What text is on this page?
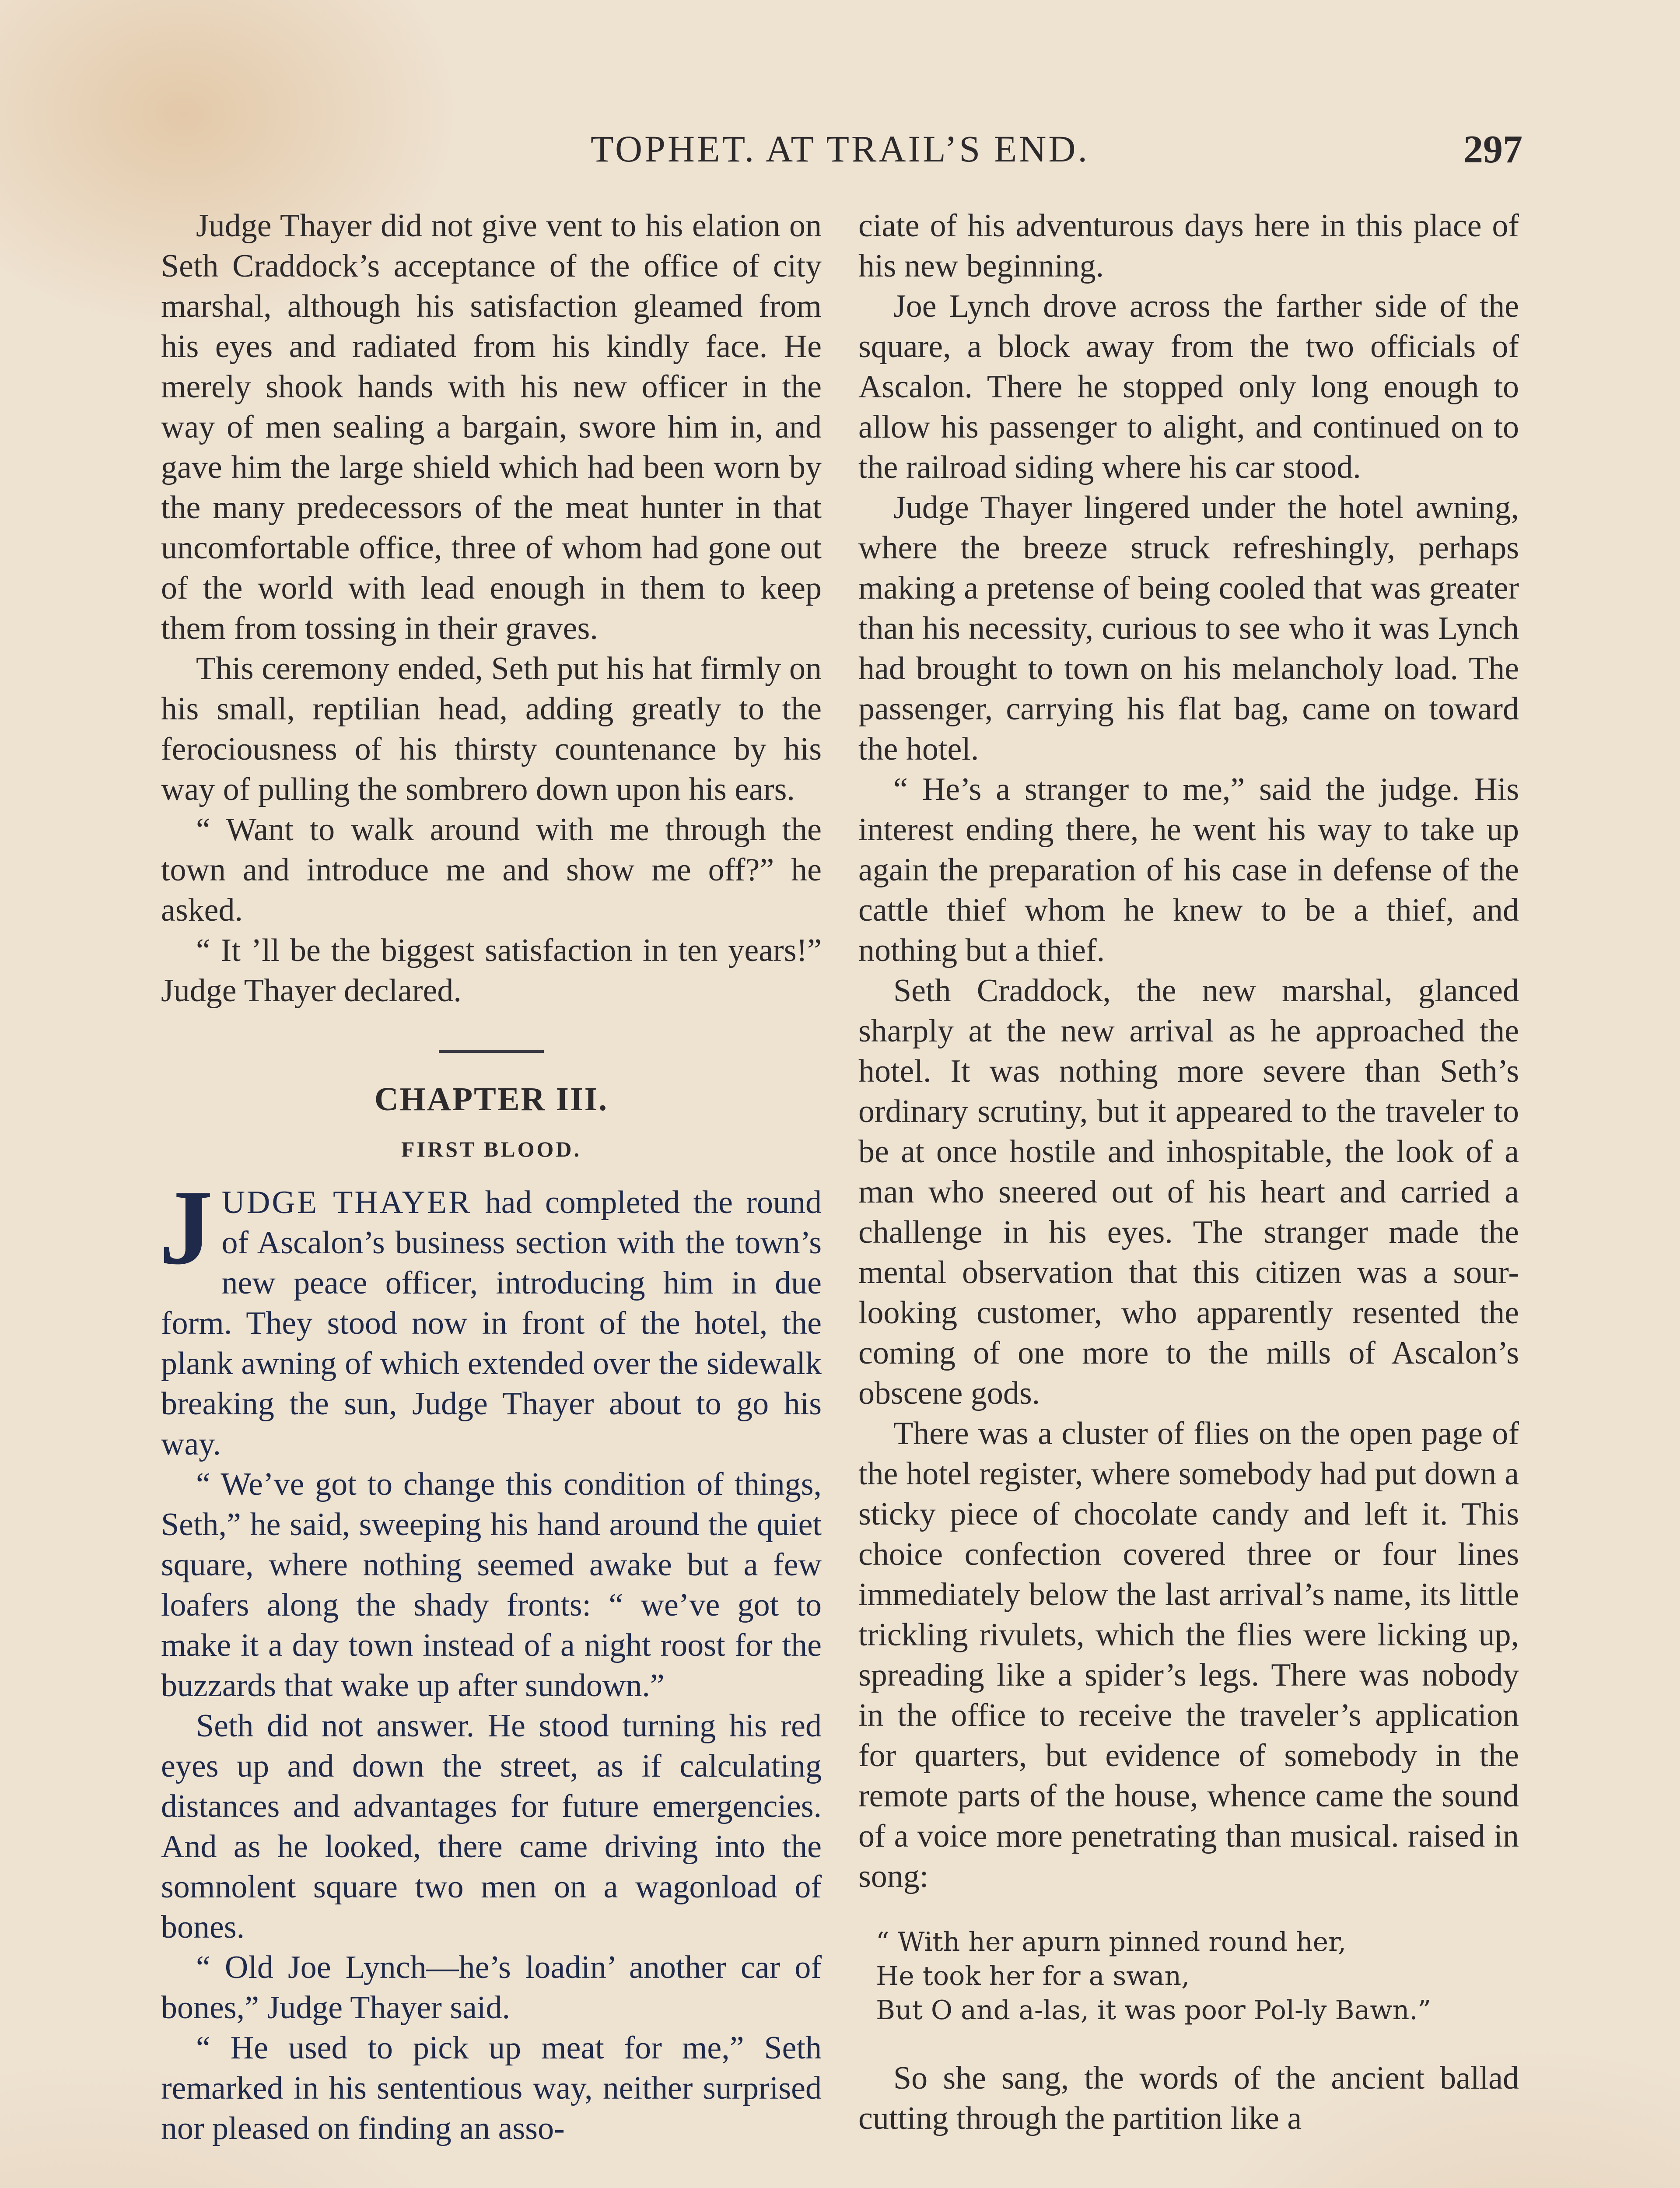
TOPHET. AT TRAIL’S END.	297

Judge Thayer did not give vent to his elation on Seth Craddock’s acceptance of the office of city marshal, although his satisfaction gleamed from his eyes and radiated from his kindly face. He merely shook hands with his new officer in the way of men sealing a bargain, swore him in, and gave him the large shield which had been worn by the many predecessors of the meat hunter in that uncomfortable office, three of whom had gone out of the world with lead enough in them to keep them from tossing in their graves.

This ceremony ended, Seth put his hat firmly on his small, reptilian head, adding greatly to the ferociousness of his thirsty countenance by his way of pulling the sombrero down upon his ears.

“ Want to walk around with me through the town and introduce me and show me off?” he asked.

“ It ’ll be the biggest satisfaction in ten years!” Judge Thayer declared.

CHAPTER III.
FIRST BLOOD.

JUDGE THAYER had completed the round of Ascalon’s business section with the town’s new peace officer, introducing him in due form. They stood now in front of the hotel, the plank awning of which extended over the sidewalk breaking the sun, Judge Thayer about to go his way.

“ We’ve got to change this condition of things, Seth,” he said, sweeping his hand around the quiet square, where nothing seemed awake but a few loafers along the shady fronts: “ we’ve got to make it a day town instead of a night roost for the buzzards that wake up after sundown.”

Seth did not answer. He stood turning his red eyes up and down the street, as if calculating distances and advantages for future emergencies. And as he looked, there came driving into the somnolent square two men on a wagonload of bones.

“ Old Joe Lynch—he’s loadin’ another car of bones,” Judge Thayer said.

“ He used to pick up meat for me,” Seth remarked in his sententious way, neither surprised nor pleased on finding an asso-

ciate of his adventurous days here in this place of his new beginning.

Joe Lynch drove across the farther side of the square, a block away from the two officials of Ascalon. There he stopped only long enough to allow his passenger to alight, and continued on to the railroad siding where his car stood.

Judge Thayer lingered under the hotel awning, where the breeze struck refreshingly, perhaps making a pretense of being cooled that was greater than his necessity, curious to see who it was Lynch had brought to town on his melancholy load. The passenger, carrying his flat bag, came on toward the hotel.

“ He’s a stranger to me,” said the judge. His interest ending there, he went his way to take up again the preparation of his case in defense of the cattle thief whom he knew to be a thief, and nothing but a thief.

Seth Craddock, the new marshal, glanced sharply at the new arrival as he approached the hotel. It was nothing more severe than Seth’s ordinary scrutiny, but it appeared to the traveler to be at once hostile and inhospitable, the look of a man who sneered out of his heart and carried a challenge in his eyes. The stranger made the mental observation that this citizen was a sour-looking customer, who apparently resented the coming of one more to the mills of Ascalon’s obscene gods.

There was a cluster of flies on the open page of the hotel register, where somebody had put down a sticky piece of chocolate candy and left it. This choice confection covered three or four lines immediately below the last arrival’s name, its little trickling rivulets, which the flies were licking up, spreading like a spider’s legs. There was nobody in the office to receive the traveler’s application for quarters, but evidence of somebody in the remote parts of the house, whence came the sound of a voice more penetrating than musical. raised in song:

“ With her apurn pinned round her,
He took her for a swan,
But O and a-las, it was poor Pol-ly Bawn.”

So she sang, the words of the ancient ballad cutting through the partition like a
